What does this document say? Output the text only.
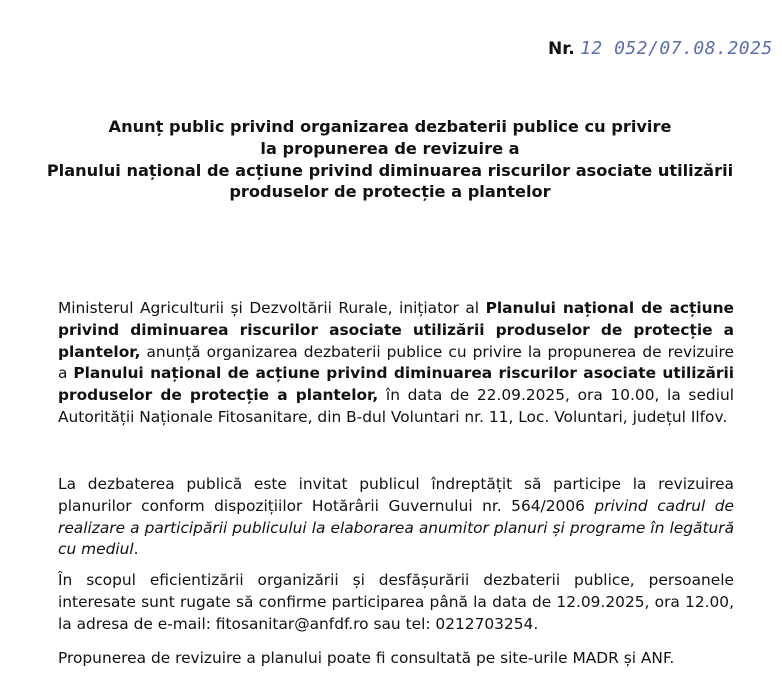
Nr. 12 052/07.08.2025
Anunț public privind organizarea dezbaterii publice cu privire
la propunerea de revizuire a
Planului național de acțiune privind diminuarea riscurilor asociate utilizării
produselor de protecție a plantelor
Ministerul Agriculturii și Dezvoltării Rurale, inițiator al Planului național de acțiune privind diminuarea riscurilor asociate utilizării produselor de protecție a plantelor, anunță organizarea dezbaterii publice cu privire la propunerea de revizuire a Planului național de acțiune privind diminuarea riscurilor asociate utilizării produselor de protecție a plantelor, în data de 22.09.2025, ora 10.00, la sediul Autorității Naționale Fitosanitare, din B-dul Voluntari nr. 11, Loc. Voluntari, județul Ilfov.
La dezbaterea publică este invitat publicul îndreptățit să participe la revizuirea planurilor conform dispozițiilor Hotărârii Guvernului nr. 564/2006 privind cadrul de realizare a participării publicului la elaborarea anumitor planuri și programe în legătură cu mediul.
În scopul eficientizării organizării și desfășurării dezbaterii publice, persoanele interesate sunt rugate să confirme participarea până la data de 12.09.2025, ora 12.00, la adresa de e-mail: fitosanitar@anfdf.ro sau tel: 0212703254.
Propunerea de revizuire a planului poate fi consultată pe site-urile MADR și ANF.
